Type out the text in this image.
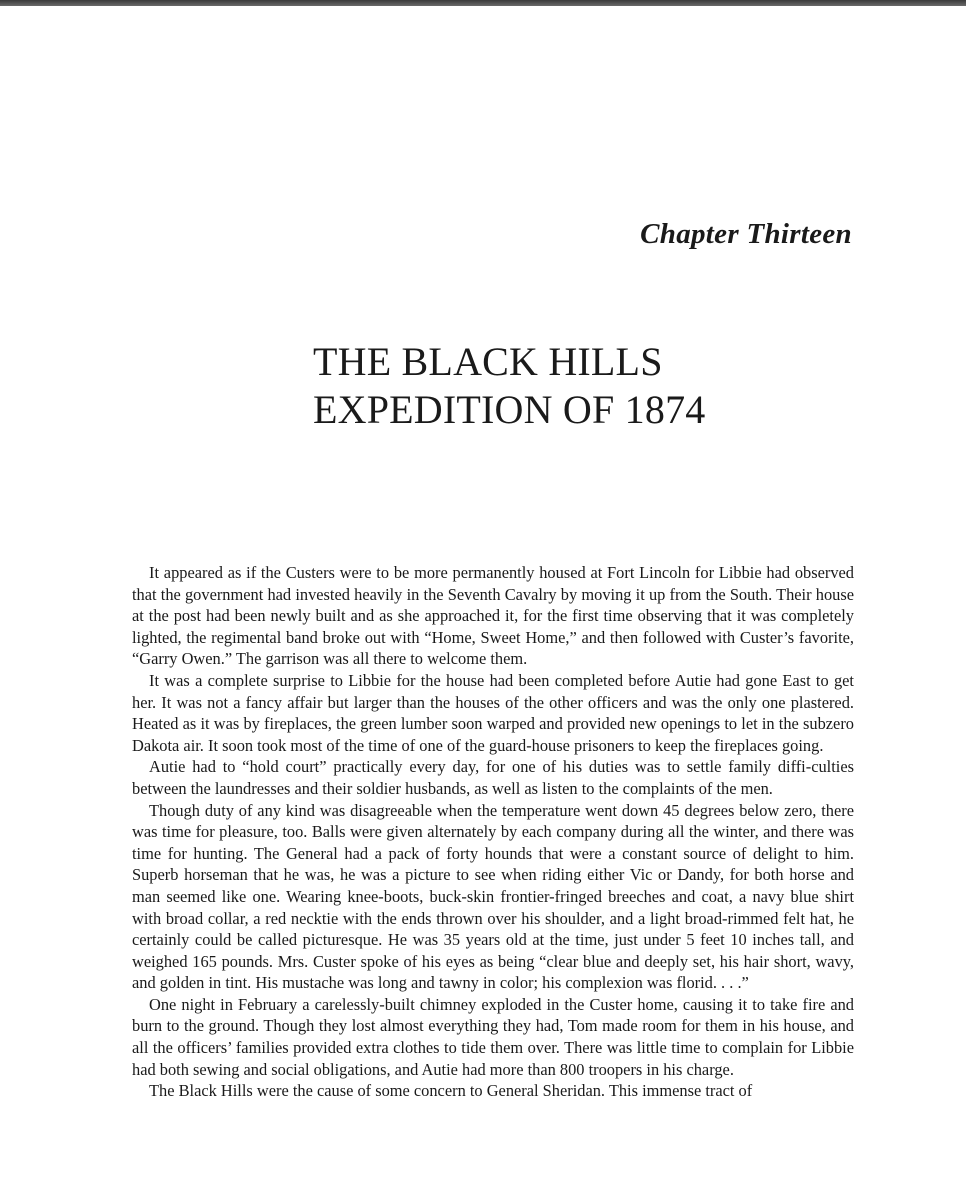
Chapter Thirteen
THE BLACK HILLS
EXPEDITION OF 1874

It appeared as if the Custers were to be more permanently housed at Fort Lincoln for Libbie had observed that the government had invested heavily in the Seventh Cavalry by moving it up from the South. Their house at the post had been newly built and as she approached it, for the first time observing that it was completely lighted, the regimental band broke out with “Home, Sweet Home,” and then followed with Custer’s favorite, “Garry Owen.” The garrison was all there to welcome them.

It was a complete surprise to Libbie for the house had been completed before Autie had gone East to get her. It was not a fancy affair but larger than the houses of the other officers and was the only one plastered. Heated as it was by fireplaces, the green lumber soon warped and provided new openings to let in the subzero Dakota air. It soon took most of the time of one of the guard-house prisoners to keep the fireplaces going.

Autie had to “hold court” practically every day, for one of his duties was to settle family diffi-culties between the laundresses and their soldier husbands, as well as listen to the complaints of the men.

Though duty of any kind was disagreeable when the temperature went down 45 degrees below zero, there was time for pleasure, too. Balls were given alternately by each company during all the winter, and there was time for hunting. The General had a pack of forty hounds that were a constant source of delight to him. Superb horseman that he was, he was a picture to see when riding either Vic or Dandy, for both horse and man seemed like one. Wearing knee-boots, buck-skin frontier-fringed breeches and coat, a navy blue shirt with broad collar, a red necktie with the ends thrown over his shoulder, and a light broad-rimmed felt hat, he certainly could be called picturesque. He was 35 years old at the time, just under 5 feet 10 inches tall, and weighed 165 pounds. Mrs. Custer spoke of his eyes as being “clear blue and deeply set, his hair short, wavy, and golden in tint. His mustache was long and tawny in color; his complexion was florid. . . .”

One night in February a carelessly-built chimney exploded in the Custer home, causing it to take fire and burn to the ground. Though they lost almost everything they had, Tom made room for them in his house, and all the officers’ families provided extra clothes to tide them over. There was little time to complain for Libbie had both sewing and social obligations, and Autie had more than 800 troopers in his charge.

The Black Hills were the cause of some concern to General Sheridan. This immense tract of
